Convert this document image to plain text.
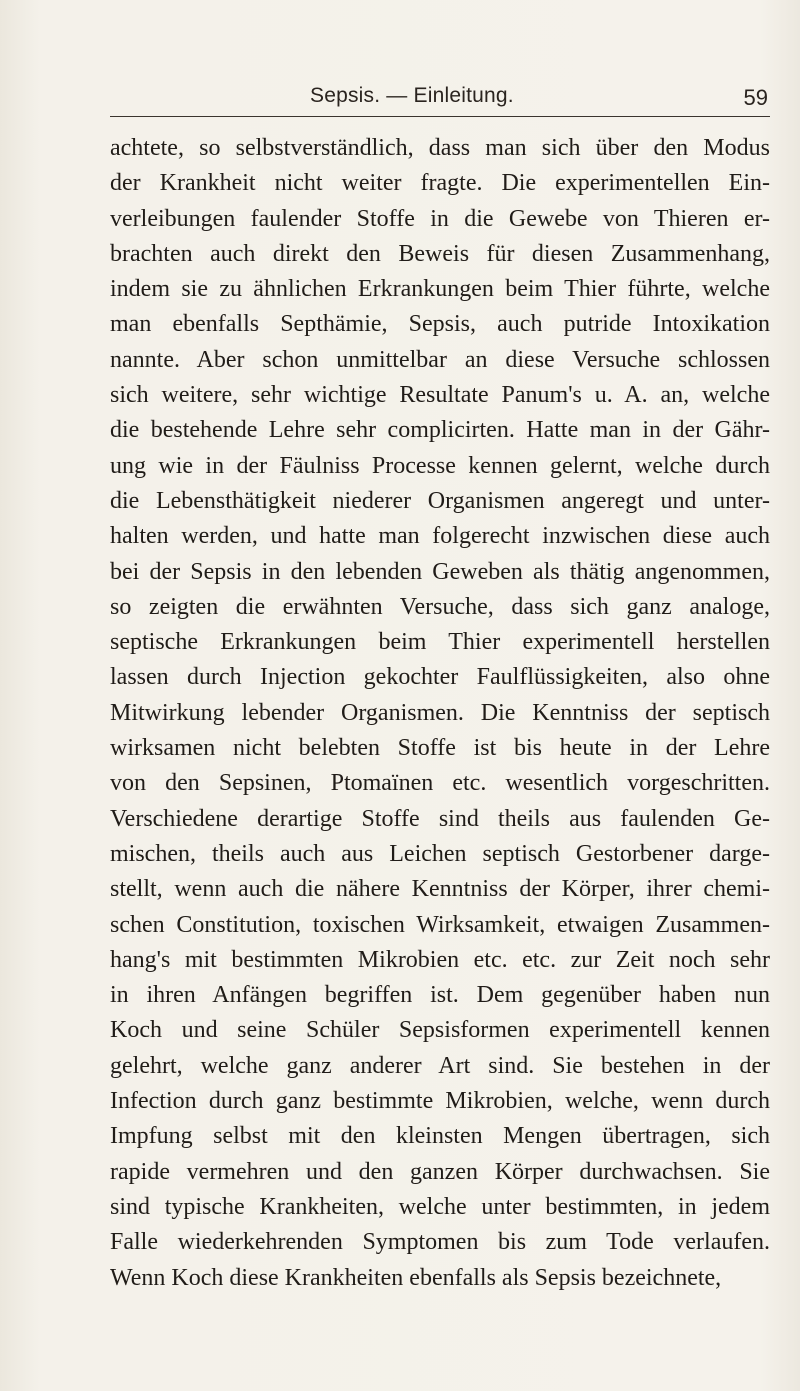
Sepsis. — Einleitung.	59
achtete, so selbstverständlich, dass man sich über den Modus
der Krankheit nicht weiter fragte. Die experimentellen Ein-
verleibungen faulender Stoffe in die Gewebe von Thieren er-
brachten auch direkt den Beweis für diesen Zusammenhang,
indem sie zu ähnlichen Erkrankungen beim Thier führte, welche
man ebenfalls Septhämie, Sepsis, auch putride Intoxikation
nannte. Aber schon unmittelbar an diese Versuche schlossen
sich weitere, sehr wichtige Resultate Panum's u. A. an, welche
die bestehende Lehre sehr complicirten. Hatte man in der Gähr-
ung wie in der Fäulniss Processe kennen gelernt, welche durch
die Lebensthätigkeit niederer Organismen angeregt und unter-
halten werden, und hatte man folgerecht inzwischen diese auch
bei der Sepsis in den lebenden Geweben als thätig angenommen,
so zeigten die erwähnten Versuche, dass sich ganz analoge,
septische Erkrankungen beim Thier experimentell herstellen
lassen durch Injection gekochter Faulflüssigkeiten, also ohne
Mitwirkung lebender Organismen. Die Kenntniss der septisch
wirksamen nicht belebten Stoffe ist bis heute in der Lehre
von den Sepsinen, Ptomaïnen etc. wesentlich vorgeschritten.
Verschiedene derartige Stoffe sind theils aus faulenden Ge-
mischen, theils auch aus Leichen septisch Gestorbener darge-
stellt, wenn auch die nähere Kenntniss der Körper, ihrer chemi-
schen Constitution, toxischen Wirksamkeit, etwaigen Zusammen-
hang's mit bestimmten Mikrobien etc. etc. zur Zeit noch sehr
in ihren Anfängen begriffen ist. Dem gegenüber haben nun
Koch und seine Schüler Sepsisformen experimentell kennen
gelehrt, welche ganz anderer Art sind. Sie bestehen in der
Infection durch ganz bestimmte Mikrobien, welche, wenn durch
Impfung selbst mit den kleinsten Mengen übertragen, sich
rapide vermehren und den ganzen Körper durchwachsen. Sie
sind typische Krankheiten, welche unter bestimmten, in jedem
Falle wiederkehrenden Symptomen bis zum Tode verlaufen.
Wenn Koch diese Krankheiten ebenfalls als Sepsis bezeichnete,
